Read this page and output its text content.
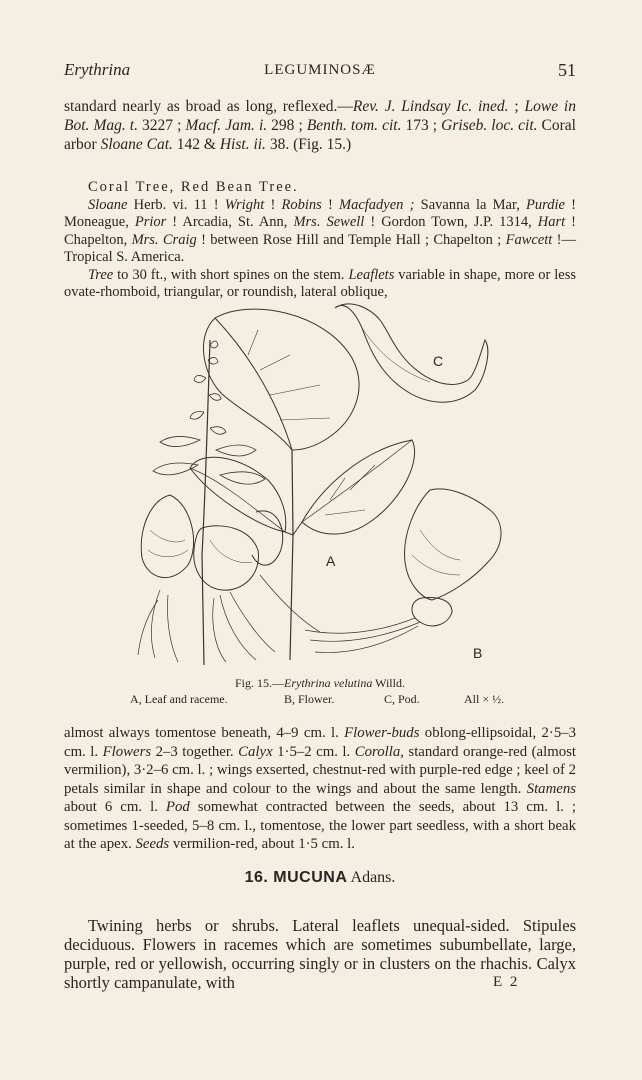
Erythrina	LEGUMINOSÆ	51

standard nearly as broad as long, reflexed.—Rev. J. Lindsay Ic. ined. ; Lowe in Bot. Mag. t. 3227 ; Macf. Jam. i. 298 ; Benth. tom. cit. 173 ; Griseb. loc. cit. Coral arbor Sloane Cat. 142 & Hist. ii. 38. (Fig. 15.)

Coral Tree, Red Bean Tree.

Sloane Herb. vi. 11 ! Wright ! Robins ! Macfadyen ; Savanna la Mar, Purdie ! Moneague, Prior ! Arcadia, St. Ann, Mrs. Sewell ! Gordon Town, J.P. 1314, Hart ! Chapelton, Mrs. Craig ! between Rose Hill and Temple Hall ; Chapelton ; Fawcett !—Tropical S. America.

Tree to 30 ft., with short spines on the stem. Leaflets variable in shape, more or less ovate-rhomboid, triangular, or roundish, lateral oblique,

A
B
C
Fig. 15.—Erythrina velutina Willd.
A, Leaf and raceme.	B, Flower.	C, Pod.	All × ½.

almost always tomentose beneath, 4–9 cm. l. Flower-buds oblong-ellipsoidal, 2·5–3 cm. l. Flowers 2–3 together. Calyx 1·5–2 cm. l. Corolla, standard orange-red (almost vermilion), 3·2–6 cm. l. ; wings exserted, chestnut-red with purple-red edge ; keel of 2 petals similar in shape and colour to the wings and about the same length. Stamens about 6 cm. l. Pod somewhat contracted between the seeds, about 13 cm. l. ; sometimes 1-seeded, 5–8 cm. l., tomentose, the lower part seedless, with a short beak at the apex. Seeds vermilion-red, about 1·5 cm. l.

16. MUCUNA Adans.

Twining herbs or shrubs. Lateral leaflets unequal-sided. Stipules deciduous. Flowers in racemes which are sometimes subumbellate, large, purple, red or yellowish, occurring singly or in clusters on the rhachis. Calyx shortly campanulate, with	E 2
